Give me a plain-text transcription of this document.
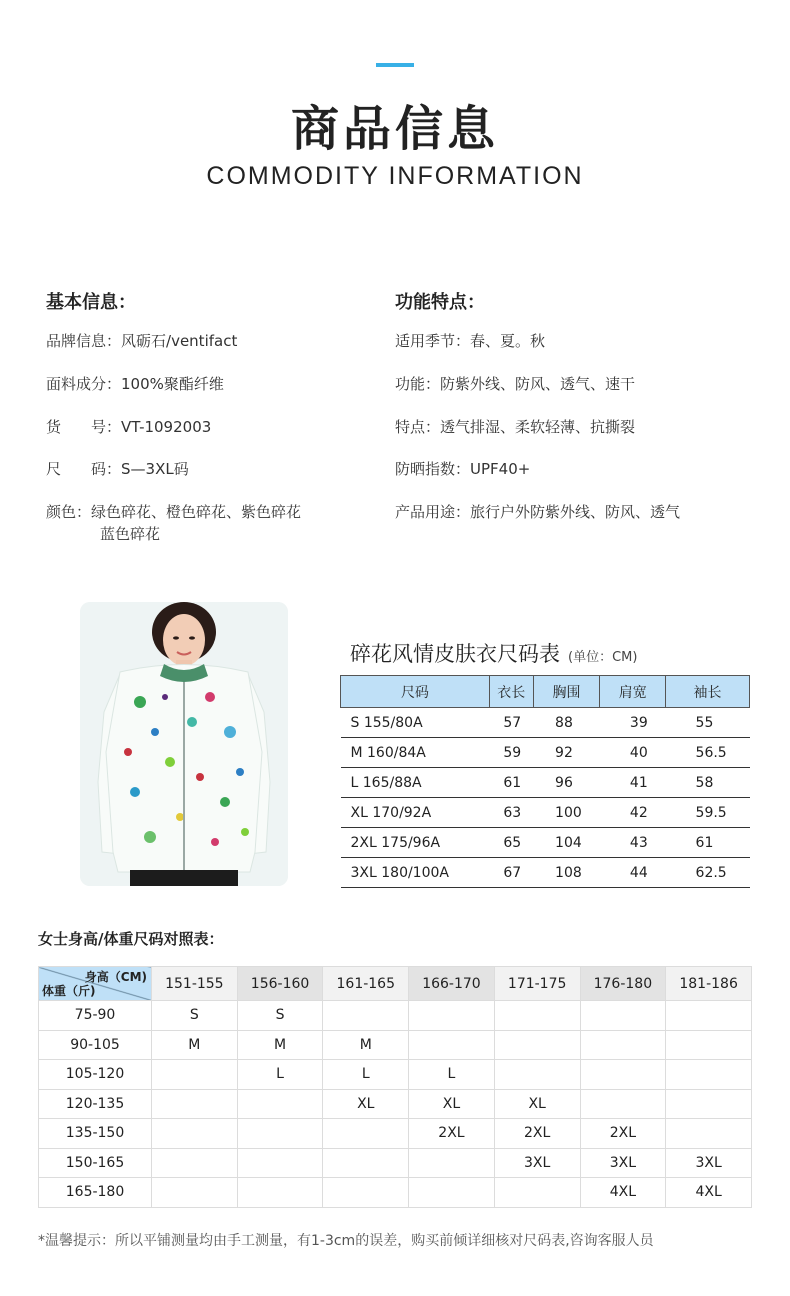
商品信息
COMMODITY INFORMATION
基本信息：
品牌信息：风砺石/ventifact
面料成分：100%聚酯纤维
货　　号：VT-1092003
尺　　码：S—3XL码
颜色：绿色碎花、橙色碎花、紫色碎花
蓝色碎花
功能特点：
适用季节：春、夏。秋
功能：防紫外线、防风、透气、速干
特点：透气排湿、柔软轻薄、抗撕裂
防晒指数：UPF40+
产品用途：旅行户外防紫外线、防风、透气
碎花风情皮肤衣尺码表 (单位：CM)
尺码	衣长	胸围	肩宽	袖长
S 155/80A	57	88	39	55
M 160/84A	59	92	40	56.5
L 165/88A	61	96	41	58
XL 170/92A	63	100	42	59.5
2XL 175/96A	65	104	43	61
3XL 180/100A	67	108	44	62.5
女士身高/体重尺码对照表：
身高（CM)
体重（斤)	151-155	156-160	161-165	166-170	171-175	176-180	181-186
75-90	S	S					
90-105	M	M	M				
105-120		L	L	L			
120-135			XL	XL	XL		
135-150				2XL	2XL	2XL	
150-165					3XL	3XL	3XL
165-180						4XL	4XL
*温馨提示：所以平铺测量均由手工测量，有1-3cm的误差，购买前倾详细核对尺码表,咨询客服人员
